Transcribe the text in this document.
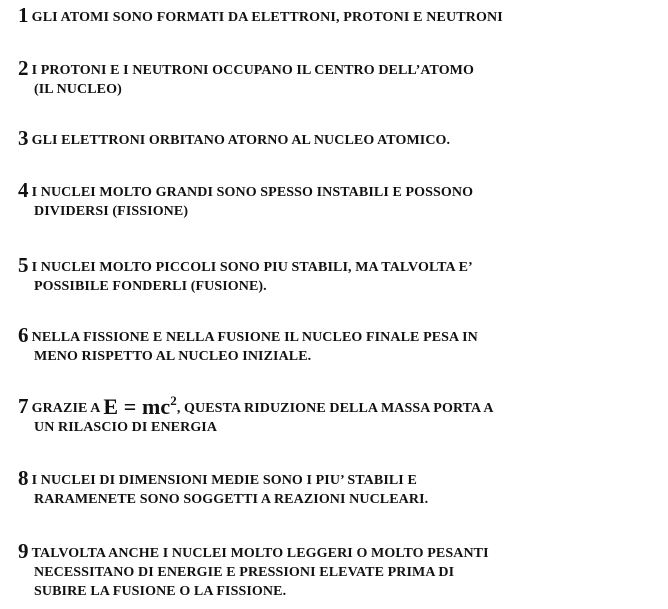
1 GLI ATOMI SONO FORMATI DA ELETTRONI, PROTONI E NEUTRONI
2 I PROTONI E I NEUTRONI OCCUPANO IL CENTRO DELL’ATOMO
(IL NUCLEO)
3 GLI ELETTRONI ORBITANO ATORNO AL NUCLEO ATOMICO.
4 I NUCLEI MOLTO GRANDI SONO SPESSO INSTABILI E POSSONO
DIVIDERSI (FISSIONE)
5 I NUCLEI MOLTO PICCOLI SONO PIU STABILI, MA TALVOLTA E’
POSSIBILE FONDERLI (FUSIONE).
6 NELLA FISSIONE E NELLA FUSIONE IL NUCLEO FINALE PESA IN
MENO RISPETTO AL NUCLEO INIZIALE.
7 GRAZIE A $E = mc^2$, QUESTA RIDUZIONE DELLA MASSA PORTA A
UN RILASCIO DI ENERGIA
8 I NUCLEI DI DIMENSIONI MEDIE SONO I PIU’ STABILI E
RARAMENETE SONO SOGGETTI A REAZIONI NUCLEARI.
9 TALVOLTA ANCHE I NUCLEI MOLTO LEGGERI O MOLTO PESANTI
NECESSITANO DI ENERGIE E PRESSIONI ELEVATE PRIMA DI
SUBIRE LA FUSIONE O LA FISSIONE.
